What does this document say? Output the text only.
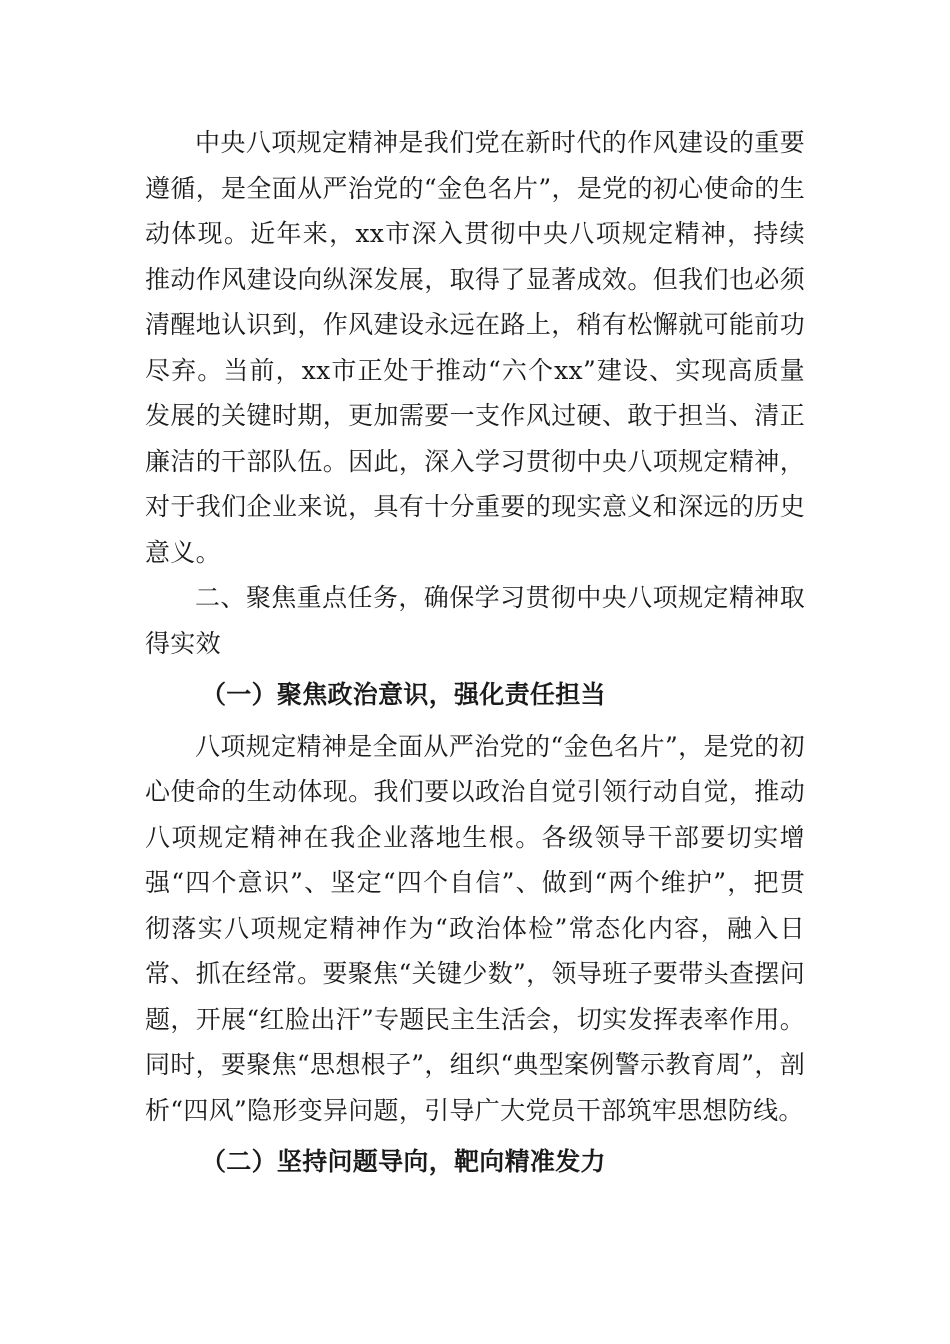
中央八项规定精神是我们党在新时代的作风建设的重要遵循，是全面从严治党的“金色名片”，是党的初心使命的生动体现。近年来，xx市深入贯彻中央八项规定精神，持续推动作风建设向纵深发展，取得了显著成效。但我们也必须清醒地认识到，作风建设永远在路上，稍有松懈就可能前功尽弃。当前，xx市正处于推动“六个xx”建设、实现高质量发展的关键时期，更加需要一支作风过硬、敢于担当、清正廉洁的干部队伍。因此，深入学习贯彻中央八项规定精神，对于我们企业来说，具有十分重要的现实意义和深远的历史意义。

二、聚焦重点任务，确保学习贯彻中央八项规定精神取得实效

（一）聚焦政治意识，强化责任担当

八项规定精神是全面从严治党的“金色名片”，是党的初心使命的生动体现。我们要以政治自觉引领行动自觉，推动八项规定精神在我企业落地生根。各级领导干部要切实增强“四个意识”、坚定“四个自信”、做到“两个维护”，把贯彻落实八项规定精神作为“政治体检”常态化内容，融入日常、抓在经常。要聚焦“关键少数”，领导班子要带头查摆问题，开展“红脸出汗”专题民主生活会，切实发挥表率作用。同时，要聚焦“思想根子”，组织“典型案例警示教育周”，剖析“四风”隐形变异问题，引导广大党员干部筑牢思想防线。

（二）坚持问题导向，靶向精准发力
